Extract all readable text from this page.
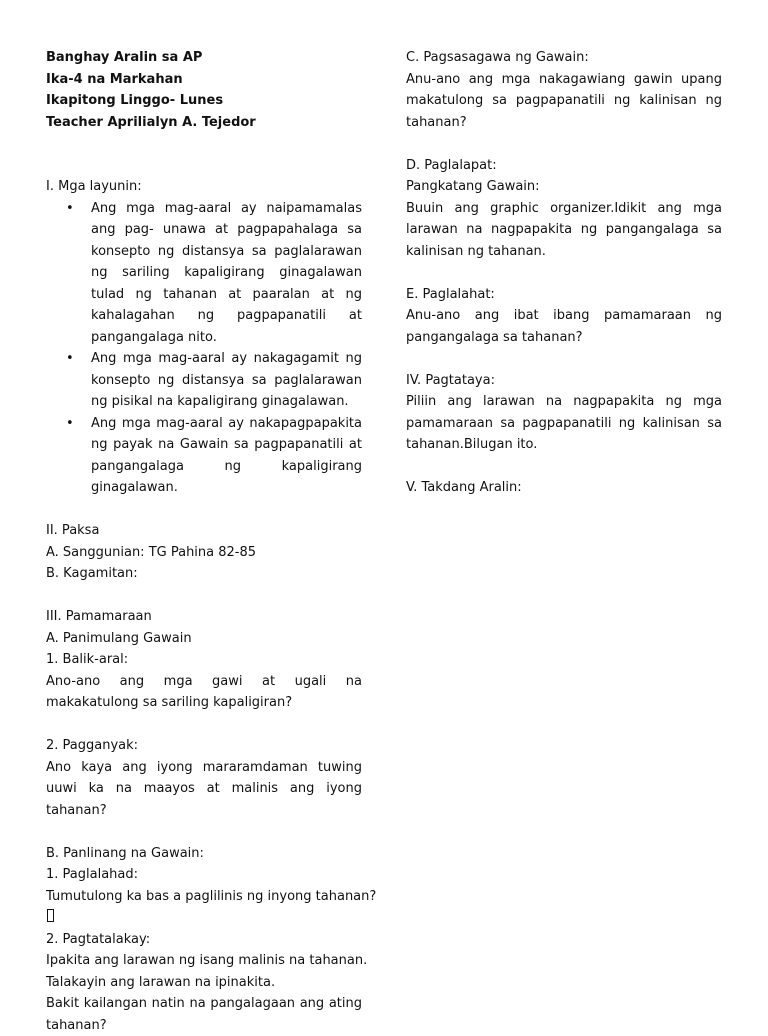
Banghay Aralin sa AP
Ika-4 na Markahan
Ikapitong Linggo- Lunes
Teacher Aprilialyn A. Tejedor
I. Mga layunin:
• Ang mga mag-aaral ay naipamamalas ang pag- unawa at pagpapahalaga sa konsepto ng distansya sa paglalarawan ng sariling kapaligirang ginagalawan tulad ng tahanan at paaralan at ng kahalagahan ng pagpapanatili at pangangalaga nito.
• Ang mga mag-aaral ay nakagagamit ng konsepto ng distansya sa paglalarawan ng pisikal na kapaligirang ginagalawan.
• Ang mga mag-aaral ay nakapagpapakita ng payak na Gawain sa pagpapanatili at pangangalaga ng kapaligirang ginagalawan.
II. Paksa
A. Sanggunian: TG Pahina 82-85
B. Kagamitan:
III. Pamamaraan
A. Panimulang Gawain
1. Balik-aral:
Ano-ano ang mga gawi at ugali na makakatulong sa sariling kapaligiran?
2. Pagganyak:
Ano kaya ang iyong mararamdaman tuwing uuwi ka na maayos at malinis ang iyong tahanan?
B. Panlinang na Gawain:
1. Paglalahad:
Tumutulong ka bas a paglilinis ng inyong tahanan?
2. Pagtatalakay:
Ipakita ang larawan ng isang malinis na tahanan.
Talakayin ang larawan na ipinakita.
Bakit kailangan natin na pangalagaan ang ating tahanan?
C. Pagsasagawa ng Gawain:
Anu-ano ang mga nakagawiang gawin upang makatulong sa pagpapanatili ng kalinisan ng tahanan?
D. Paglalapat:
Pangkatang Gawain:
Buuin ang graphic organizer.Idikit ang mga larawan na nagpapakita ng pangangalaga sa kalinisan ng tahanan.
E. Paglalahat:
Anu-ano ang ibat ibang pamamaraan ng pangangalaga sa tahanan?
IV. Pagtataya:
Piliin ang larawan na nagpapakita ng mga pamamaraan sa pagpapanatili ng kalinisan sa tahanan.Bilugan ito.
V. Takdang Aralin:
